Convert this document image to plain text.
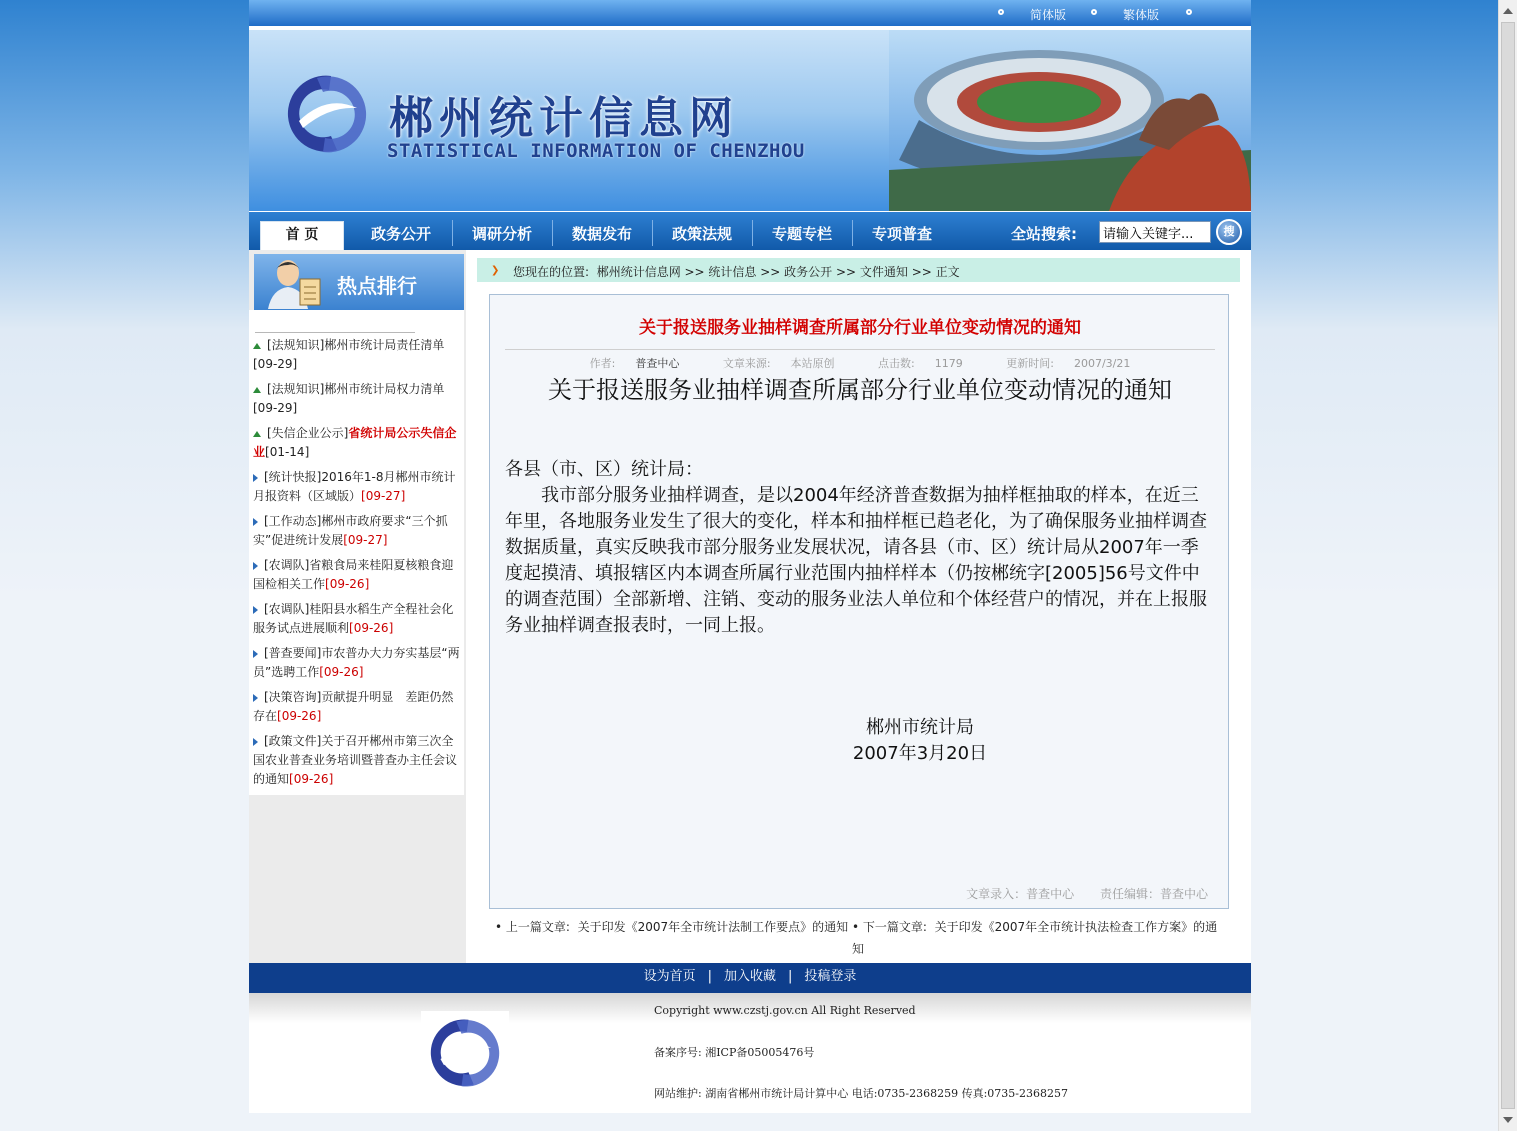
简体版	繁体版
郴州统计信息网
STATISTICAL INFORMATION OF CHENZHOU
首 页	政务公开	调研分析	数据发布	政策法规	专题专栏	专项普查	全站搜索:
请输入关键字...	搜
热点排行
[法规知识]郴州市统计局责任清单
[09-29]
[法规知识]郴州市统计局权力清单
[09-29]
[失信企业公示]省统计局公示失信企业[01-14]
[统计快报]2016年1-8月郴州市统计月报资料（区域版）[09-27]
[工作动态]郴州市政府要求“三个抓实”促进统计发展[09-27]
[农调队]省粮食局来桂阳夏核粮食迎国检相关工作[09-26]
[农调队]桂阳县水稻生产全程社会化服务试点进展顺利[09-26]
[普查要闻]市农普办大力夯实基层“两员”选聘工作[09-26]
[决策咨询]贡献提升明显　差距仍然存在[09-26]
[政策文件]关于召开郴州市第三次全国农业普查业务培训暨普查办主任会议的通知[09-26]
❯ 您现在的位置: 郴州统计信息网 >> 统计信息 >> 政务公开 >> 文件通知 >> 正文
关于报送服务业抽样调查所属部分行业单位变动情况的通知
作者: 普查中心	文章来源: 本站原创	点击数: 1179	更新时间: 2007/3/21
关于报送服务业抽样调查所属部分行业单位变动情况的通知

各县（市、区）统计局：

　　我市部分服务业抽样调查，是以2004年经济普查数据为抽样框抽取的样本，在近三年里，各地服务业发生了很大的变化，样本和抽样框已趋老化，为了确保服务业抽样调查数据质量，真实反映我市部分服务业发展状况，请各县（市、区）统计局从2007年一季度起摸清、填报辖区内本调查所属行业范围内抽样样本（仍按郴统字[2005]56号文件中的调查范围）全部新增、注销、变动的服务业法人单位和个体经营户的情况，并在上报服务业抽样调查报表时，一同上报。

郴州市统计局
2007年3月20日
文章录入：普查中心 责任编辑：普查中心
• 上一篇文章: 关于印发《2007年全市统计法制工作要点》的通知 • 下一篇文章: 关于印发《2007年全市统计执法检查工作方案》的通知
设为首页 | 加入收藏 | 投稿登录
Copyright www.czstj.gov.cn All Right Reserved
备案序号: 湘ICP备05005476号
网站维护: 湖南省郴州市统计局计算中心 电话:0735-2368259 传真:0735-2368257
